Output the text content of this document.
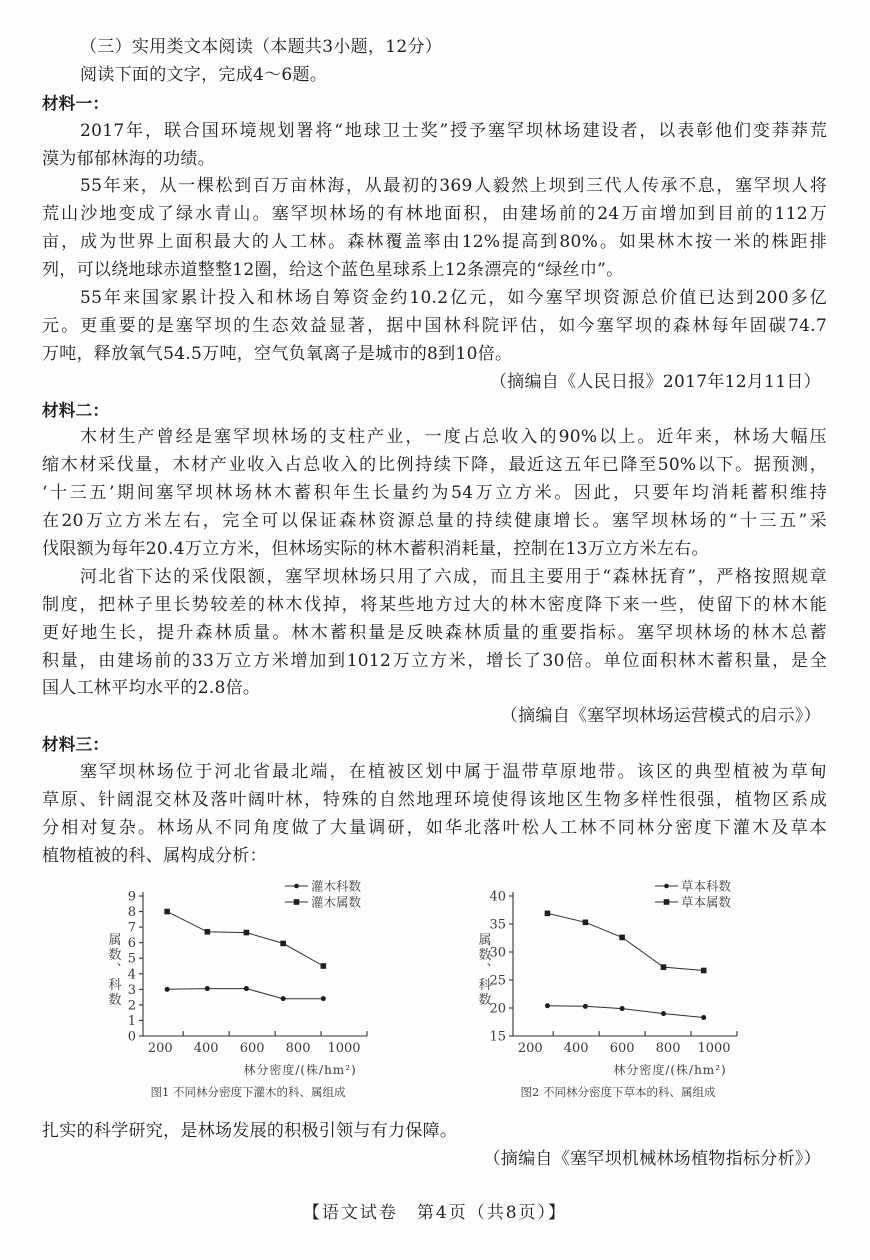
（三）实用类文本阅读（本题共3小题，12分）
阅读下面的文字，完成4～6题。
材料一：
2017年，联合国环境规划署将“地球卫士奖”授予塞罕坝林场建设者，以表彰他们变莽莽荒
漠为郁郁林海的功绩。
55年来，从一棵松到百万亩林海，从最初的369人毅然上坝到三代人传承不息，塞罕坝人将
荒山沙地变成了绿水青山。塞罕坝林场的有林地面积，由建场前的24万亩增加到目前的112万
亩，成为世界上面积最大的人工林。森林覆盖率由12%提高到80%。如果林木按一米的株距排
列，可以绕地球赤道整整12圈，给这个蓝色星球系上12条漂亮的“绿丝巾”。
55年来国家累计投入和林场自筹资金约10.2亿元，如今塞罕坝资源总价值已达到200多亿
元。更重要的是塞罕坝的生态效益显著，据中国林科院评估，如今塞罕坝的森林每年固碳74.7
万吨，释放氧气54.5万吨，空气负氧离子是城市的8到10倍。
（摘编自《人民日报》2017年12月11日）
材料二：
木材生产曾经是塞罕坝林场的支柱产业，一度占总收入的90%以上。近年来，林场大幅压
缩木材采伐量，木材产业收入占总收入的比例持续下降，最近这五年已降至50%以下。据预测，
‘十三五’期间塞罕坝林场林木蓄积年生长量约为54万立方米。因此，只要年均消耗蓄积维持
在20万立方米左右，完全可以保证森林资源总量的持续健康增长。塞罕坝林场的“十三五”采
伐限额为每年20.4万立方米，但林场实际的林木蓄积消耗量，控制在13万立方米左右。
河北省下达的采伐限额，塞罕坝林场只用了六成，而且主要用于“森林抚育”，严格按照规章
制度，把林子里长势较差的林木伐掉，将某些地方过大的林木密度降下来一些，使留下的林木能
更好地生长，提升森林质量。林木蓄积量是反映森林质量的重要指标。塞罕坝林场的林木总蓄
积量，由建场前的33万立方米增加到1012万立方米，增长了30倍。单位面积林木蓄积量，是全
国人工林平均水平的2.8倍。
（摘编自《塞罕坝林场运营模式的启示》）
材料三：
塞罕坝林场位于河北省最北端，在植被区划中属于温带草原地带。该区的典型植被为草甸
草原、针阔混交林及落叶阔叶林，特殊的自然地理环境使得该地区生物多样性很强，植物区系成
分相对复杂。林场从不同角度做了大量调研，如华北落叶松人工林不同林分密度下灌木及草本
植物植被的科、属构成分析：
0
1
2
3
4
5
6
7
8
9
200 400 600 800 1000
灌木科数
灌木属数
属数、科数
林分密度/(株/hm²)
图1 不同林分密度下灌木的科、属组成
15
20
25
30
35
40
200 400 600 800 1000
草本科数
草本属数
属数、科数
林分密度/(株/hm²)
图2 不同林分密度下草本的科、属组成
扎实的科学研究，是林场发展的积极引领与有力保障。
（摘编自《塞罕坝机械林场植物指标分析》）
【语文试卷　第4页（共8页）】
